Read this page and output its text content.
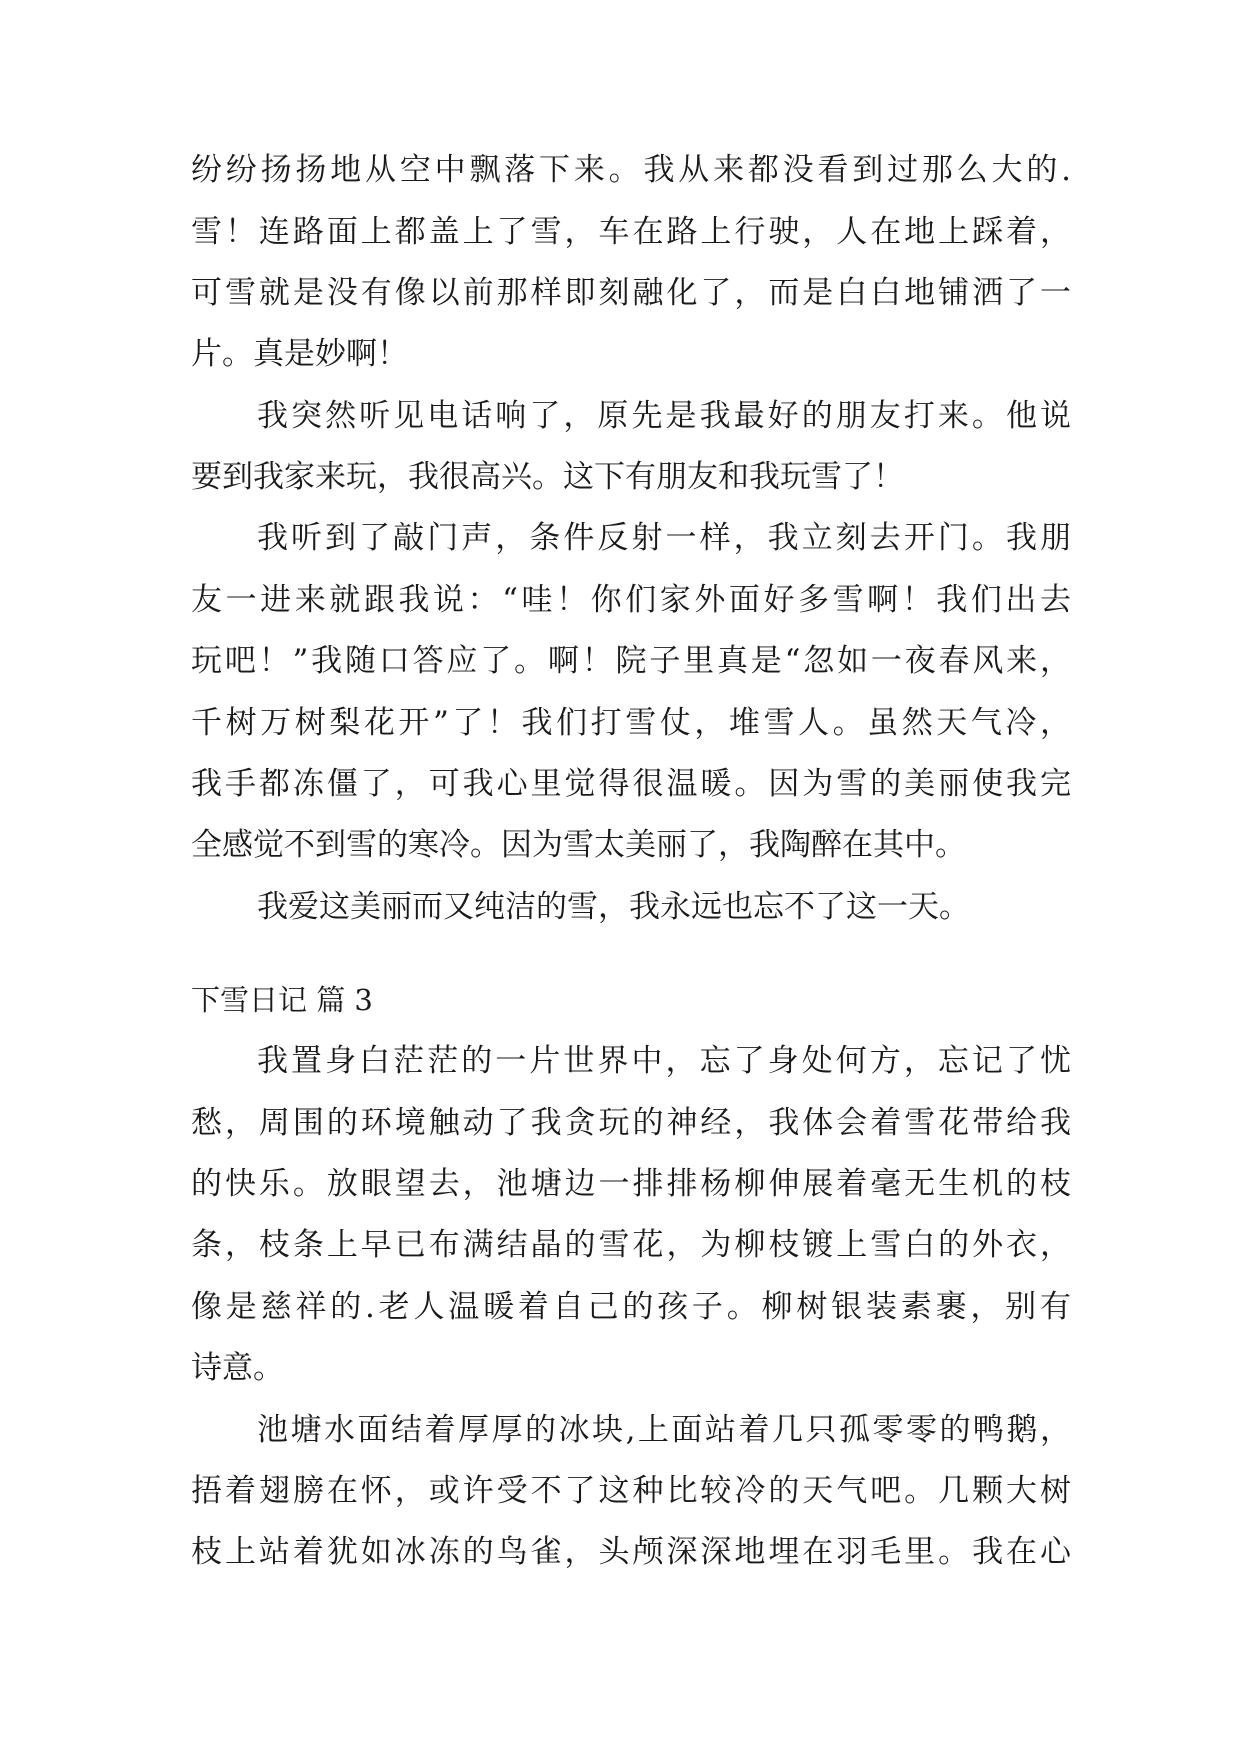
纷纷扬扬地从空中飘落下来。我从来都没看到过那么大的.
雪！连路面上都盖上了雪，车在路上行驶，人在地上踩着，
可雪就是没有像以前那样即刻融化了，而是白白地铺洒了一
片。真是妙啊！
我突然听见电话响了，原先是我最好的朋友打来。他说
要到我家来玩，我很高兴。这下有朋友和我玩雪了！
我听到了敲门声，条件反射一样，我立刻去开门。我朋
友一进来就跟我说：“哇！你们家外面好多雪啊！我们出去
玩吧！”我随口答应了。啊！院子里真是“忽如一夜春风来，
千树万树梨花开”了！我们打雪仗，堆雪人。虽然天气冷，
我手都冻僵了，可我心里觉得很温暖。因为雪的美丽使我完
全感觉不到雪的寒冷。因为雪太美丽了，我陶醉在其中。
我爱这美丽而又纯洁的雪，我永远也忘不了这一天。
下雪日记 篇 3
我置身白茫茫的一片世界中，忘了身处何方，忘记了忧
愁，周围的环境触动了我贪玩的神经，我体会着雪花带给我
的快乐。放眼望去，池塘边一排排杨柳伸展着毫无生机的枝
条，枝条上早已布满结晶的雪花，为柳枝镀上雪白的外衣，
像是慈祥的.老人温暖着自己的孩子。柳树银装素裹，别有
诗意。
池塘水面结着厚厚的冰块,上面站着几只孤零零的鸭鹅，
捂着翅膀在怀，或许受不了这种比较冷的天气吧。几颗大树
枝上站着犹如冰冻的鸟雀，头颅深深地埋在羽毛里。我在心
